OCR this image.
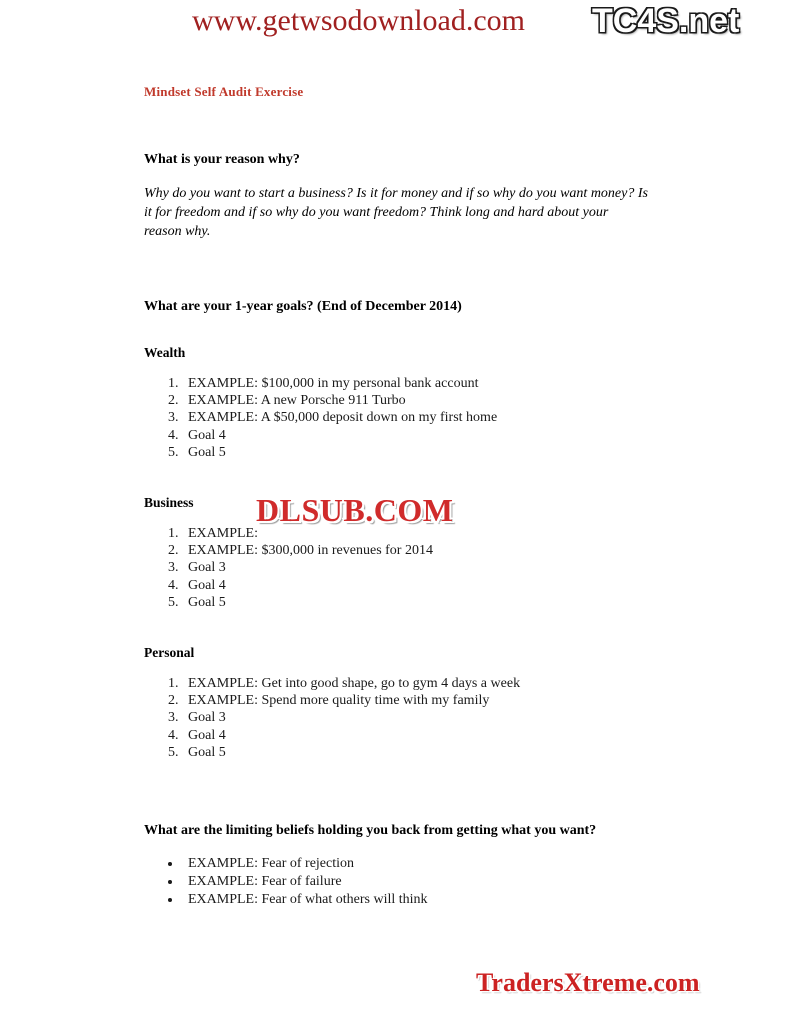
www.getwsodownload.com TC4S.net
Mindset Self Audit Exercise

What is your reason why?

Why do you want to start a business? Is it for money and if so why do you want money? Is it for freedom and if so why do you want freedom? Think long and hard about your reason why.

What are your 1-year goals? (End of December 2014)

Wealth

1. EXAMPLE: $100,000 in my personal bank account
2. EXAMPLE: A new Porsche 911 Turbo
3. EXAMPLE: A $50,000 deposit down on my first home
4. Goal 4
5. Goal 5

Business

1. EXAMPLE:
2. EXAMPLE: $300,000 in revenues for 2014
3. Goal 3
4. Goal 4
5. Goal 5

Personal

1. EXAMPLE: Get into good shape, go to gym 4 days a week
2. EXAMPLE: Spend more quality time with my family
3. Goal 3
4. Goal 4
5. Goal 5

What are the limiting beliefs holding you back from getting what you want?

• EXAMPLE: Fear of rejection
• EXAMPLE: Fear of failure
• EXAMPLE: Fear of what others will think
DLSUB.COM
TradersXtreme.com
